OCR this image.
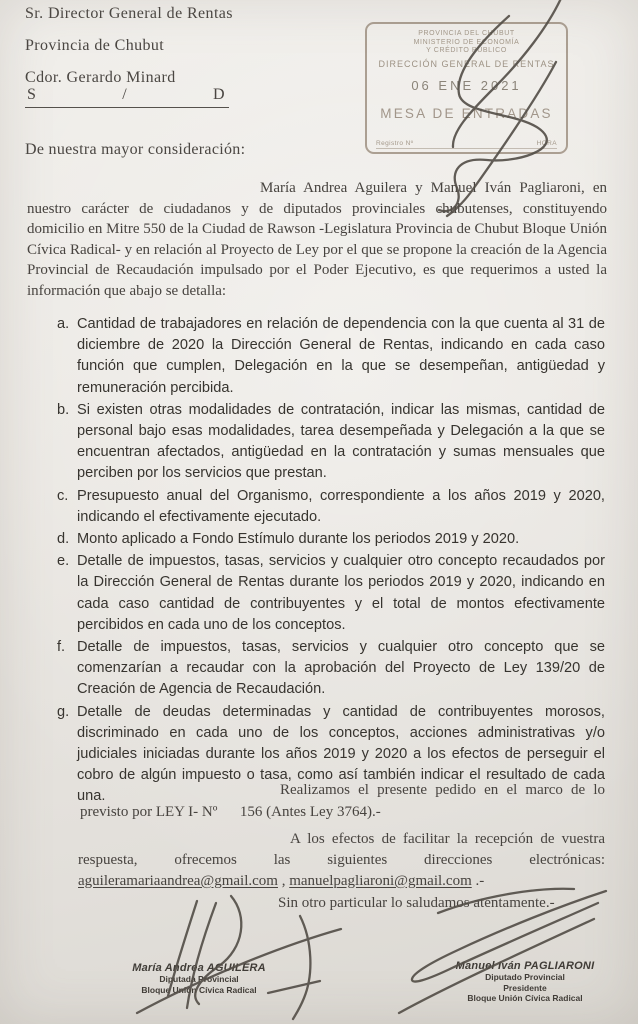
Sr. Director General de Rentas
Provincia de Chubut
Cdor. Gerardo Minard
S	/	D
PROVINCIA DEL CHUBUT
MINISTERIO DE ECONOMÍA
Y CRÉDITO PÚBLICO
DIRECCIÓN GENERAL DE RENTAS
06 ENE 2021
MESA DE ENTRADAS
Registro Nº	HORA
De nuestra mayor consideración:

María Andrea Aguilera y Manuel Iván Pagliaroni, en nuestro carácter de ciudadanos y de diputados provinciales chubutenses, constituyendo domicilio en Mitre 550 de la Ciudad de Rawson -Legislatura Provincia de Chubut Bloque Unión Cívica Radical- y en relación al Proyecto de Ley por el que se propone la creación de la Agencia Provincial de Recaudación impulsado por el Poder Ejecutivo, es que requerimos a usted la información que abajo se detalla:

a. Cantidad de trabajadores en relación de dependencia con la que cuenta al 31 de diciembre de 2020 la Dirección General de Rentas, indicando en cada caso función que cumplen, Delegación en la que se desempeñan, antigüedad y remuneración percibida.
b. Si existen otras modalidades de contratación, indicar las mismas, cantidad de personal bajo esas modalidades, tarea desempeñada y Delegación a la que se encuentran afectados, antigüedad en la contratación y sumas mensuales que perciben por los servicios que prestan.
c. Presupuesto anual del Organismo, correspondiente a los años 2019 y 2020, indicando el efectivamente ejecutado.
d. Monto aplicado a Fondo Estímulo durante los periodos 2019 y 2020.
e. Detalle de impuestos, tasas, servicios y cualquier otro concepto recaudados por la Dirección General de Rentas durante los periodos 2019 y 2020, indicando en cada caso cantidad de contribuyentes y el total de montos efectivamente percibidos en cada uno de los conceptos.
f. Detalle de impuestos, tasas, servicios y cualquier otro concepto que se comenzarían a recaudar con la aprobación del Proyecto de Ley 139/20 de Creación de Agencia de Recaudación.
g. Detalle de deudas determinadas y cantidad de contribuyentes morosos, discriminado en cada uno de los conceptos, acciones administrativas y/o judiciales iniciadas durante los años 2019 y 2020 a los efectos de perseguir el cobro de algún impuesto o tasa, como así también indicar el resultado de cada una.	Realizamos el presente pedido en el marco de lo previsto por LEY I- Nº      156 (Antes Ley 3764).-

A los efectos de facilitar la recepción de vuestra respuesta, ofrecemos las siguientes direcciones electrónicas: aguileramariaandrea@gmail.com , manuelpagliaroni@gmail.com .-

Sin otro particular lo saludamos atentamente.-
María Andrea AGUILERA
Diputada Provincial
Bloque Unión Cívica Radical
Manuel Iván PAGLIARONI
Diputado Provincial
Presidente
Bloque Unión Cívica Radical
